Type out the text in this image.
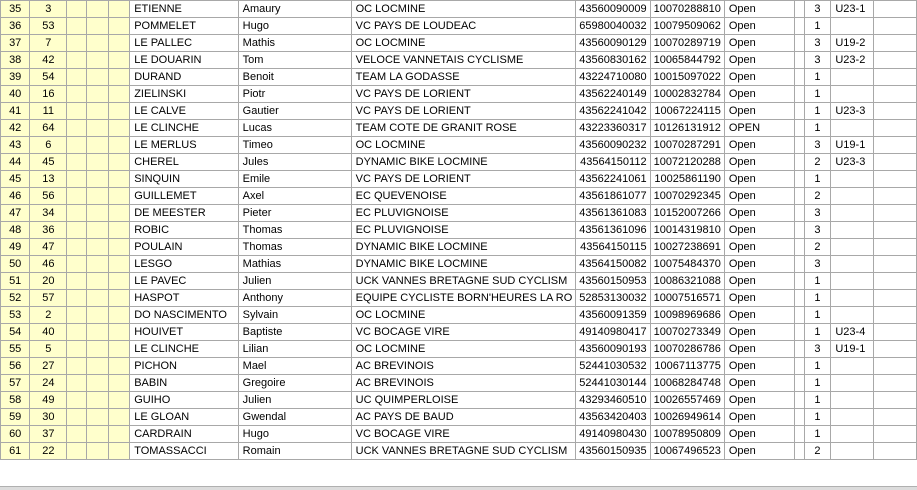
35	3				ETIENNE	Amaury	OC LOCMINE	43560090009	10070288810	Open		3	U23-1	
36	53				POMMELET	Hugo	VC PAYS DE LOUDEAC	65980040032	10079509062	Open		1		
37	7				LE PALLEC	Mathis	OC LOCMINE	43560090129	10070289719	Open		3	U19-2	
38	42				LE DOUARIN	Tom	VELOCE VANNETAIS CYCLISME	43560830162	10065844792	Open		3	U23-2	
39	54				DURAND	Benoit	TEAM LA GODASSE	43224710080	10015097022	Open		1		
40	16				ZIELINSKI	Piotr	VC PAYS DE LORIENT	43562240149	10002832784	Open		1		
41	11				LE CALVE	Gautier	VC PAYS DE LORIENT	43562241042	10067224115	Open		1	U23-3	
42	64				LE CLINCHE	Lucas	TEAM COTE DE GRANIT ROSE	43223360317	10126131912	OPEN		1		
43	6				LE MERLUS	Timeo	OC LOCMINE	43560090232	10070287291	Open		3	U19-1	
44	45				CHEREL	Jules	DYNAMIC BIKE LOCMINE	43564150112	10072120288	Open		2	U23-3	
45	13				SINQUIN	Emile	VC PAYS DE LORIENT	43562241061	10025861190	Open		1		
46	56				GUILLEMET	Axel	EC QUEVENOISE	43561861077	10070292345	Open		2		
47	34				DE MEESTER	Pieter	EC PLUVIGNOISE	43561361083	10152007266	Open		3		
48	36				ROBIC	Thomas	EC PLUVIGNOISE	43561361096	10014319810	Open		3		
49	47				POULAIN	Thomas	DYNAMIC BIKE LOCMINE	43564150115	10027238691	Open		2		
50	46				LESGO	Mathias	DYNAMIC BIKE LOCMINE	43564150082	10075484370	Open		3		
51	20				LE PAVEC	Julien	UCK VANNES BRETAGNE SUD CYCLISM	43560150953	10086321088	Open		1		
52	57				HASPOT	Anthony	EQUIPE CYCLISTE BORN'HEURES LA RO	52853130032	10007516571	Open		1		
53	2				DO NASCIMENTO	Sylvain	OC LOCMINE	43560091359	10098969686	Open		1		
54	40				HOUIVET	Baptiste	VC BOCAGE VIRE	49140980417	10070273349	Open		1	U23-4	
55	5				LE CLINCHE	Lilian	OC LOCMINE	43560090193	10070286786	Open		3	U19-1	
56	27				PICHON	Mael	AC BREVINOIS	52441030532	10067113775	Open		1		
57	24				BABIN	Gregoire	AC BREVINOIS	52441030144	10068284748	Open		1		
58	49				GUIHO	Julien	UC QUIMPERLOISE	43293460510	10026557469	Open		1		
59	30				LE GLOAN	Gwendal	AC PAYS DE BAUD	43563420403	10026949614	Open		1		
60	37				CARDRAIN	Hugo	VC BOCAGE VIRE	49140980430	10078950809	Open		1		
61	22				TOMASSACCI	Romain	UCK VANNES BRETAGNE SUD CYCLISM	43560150935	10067496523	Open		2		
